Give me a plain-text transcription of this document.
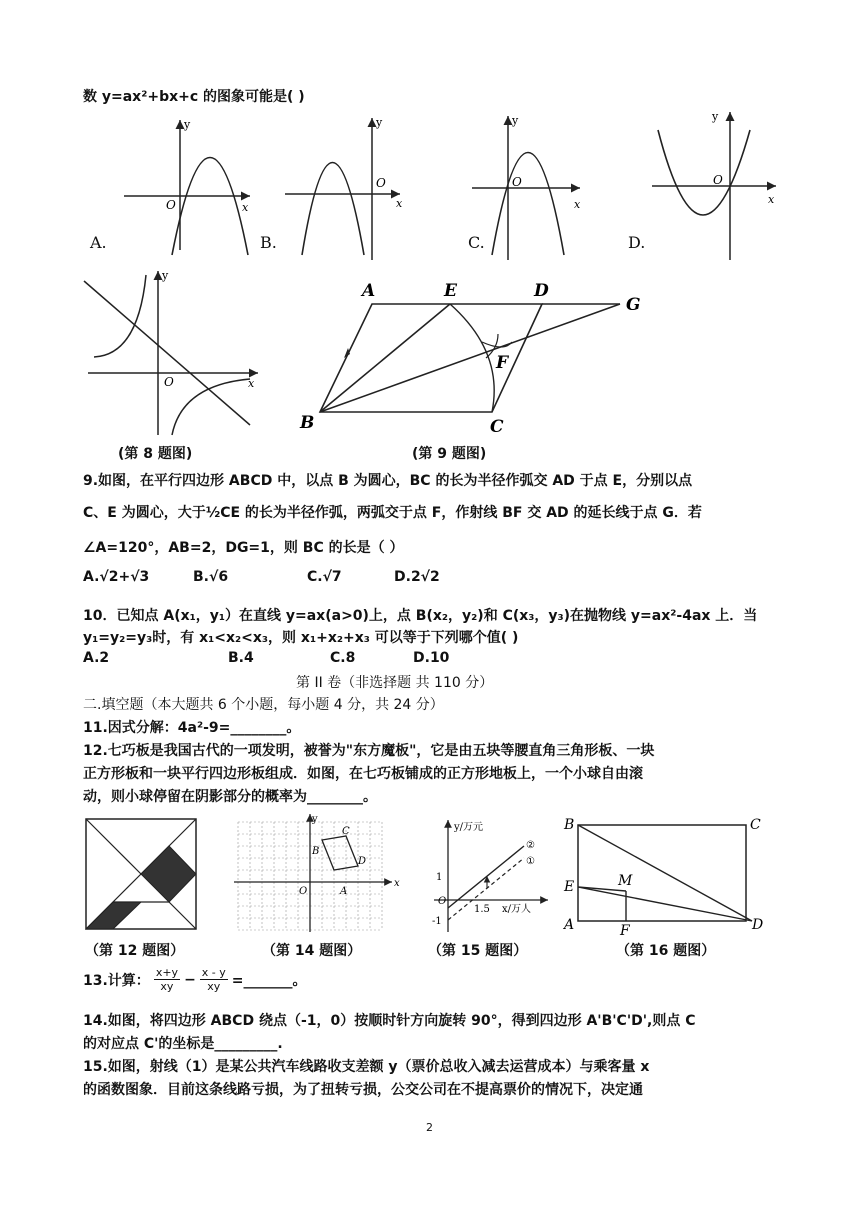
数 y=ax²+bx+c 的图象可能是( )
y
O	x
y
O
x
y
O
x
y
O
x
A.	B.	C.	D.
y
O	x
(第 8 题图)
A	E	D
G
F
B	C
(第 9 题图)
9.如图，在平行四边形 ABCD 中，以点 B 为圆心，BC 的长为半径作弧交 AD 于点 E，分别以点
C、E 为圆心，大于½CE 的长为半径作弧，两弧交于点 F，作射线 BF 交 AD 的延长线于点 G．若
∠A=120°，AB=2，DG=1，则 BC 的长是（ ）
A.√2+√3	B.√6	C.√7	D.2√2
10．已知点 A(x₁，y₁）在直线 y=ax(a>0)上，点 B(x₂，y₂)和 C(x₃，y₃)在抛物线 y=ax²-4ax 上．当
y₁=y₂=y₃时，有 x₁<x₂<x₃，则 x₁+x₂+x₃ 可以等于下列哪个值( )
A.2	B.4	C.8	D.10
第 II 卷（非选择题 共 110 分）
二.填空题（本大题共 6 个小题，每小题 4 分，共 24 分）
11.因式分解：4a²-9=________。
12.七巧板是我国古代的一项发明，被誉为"东方魔板"，它是由五块等腰直角三角形板、一块
正方形板和一块平行四边形板组成．如图，在七巧板铺成的正方形地板上，一个小球自由滚
动，则小球停留在阴影部分的概率为________。
y
x
O
B
C
D
A
y/万元
x/万人
1
-1
1.5
O
②
①
B	C
E	M
A	F	D
（第 12 题图）	（第 14 题图）	（第 15 题图）	（第 16 题图）
13.计算： $\frac{x+y}{xy} - \frac{x - y}{xy}$ =_______。
14.如图，将四边形 ABCD 绕点（-1，0）按顺时针方向旋转 90°，得到四边形 A'B'C'D',则点 C
的对应点 C'的坐标是_________.
15.如图，射线（1）是某公共汽车线路收支差额 y（票价总收入减去运营成本）与乘客量 x
的函数图象．目前这条线路亏损，为了扭转亏损，公交公司在不提高票价的情况下，决定通
2
